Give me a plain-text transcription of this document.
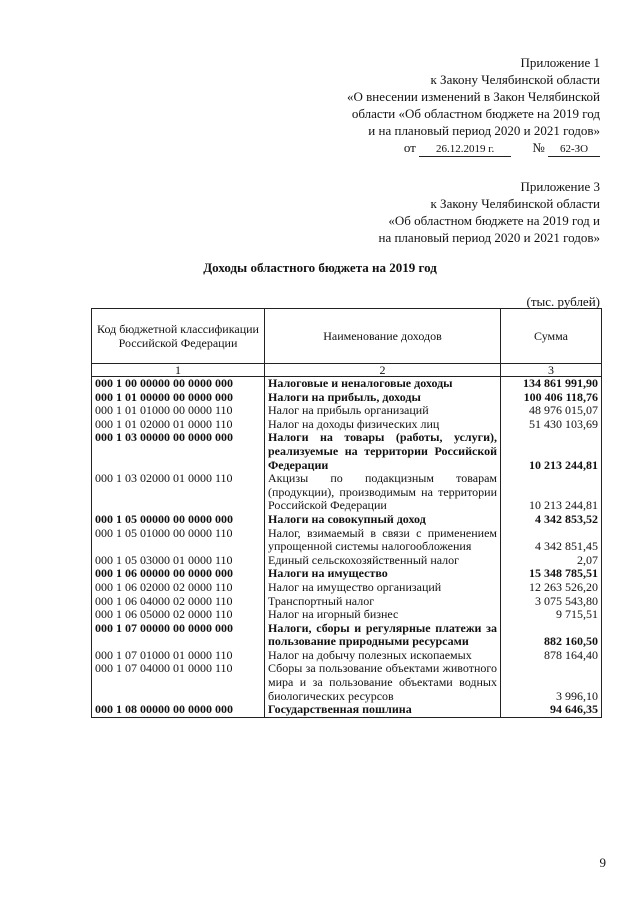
Приложение 1
к Закону Челябинской области
«О внесении изменений в Закон Челябинской
области «Об областном бюджете на 2019 год
и на плановый период 2020 и 2021 годов»
от 26.12.2019 г.	№ 62-ЗО
Приложение 3
к Закону Челябинской области
«Об областном бюджете на 2019 год и
на плановый период 2020 и 2021 годов»
Доходы областного бюджета на 2019 год
(тыс. рублей)
Код бюджетной классификации Российской Федерации	Наименование доходов	Сумма
1	2	3
000 1 00 00000 00 0000 000	Налоговые и неналоговые доходы	134 861 991,90
000 1 01 00000 00 0000 000	Налоги на прибыль, доходы	100 406 118,76
000 1 01 01000 00 0000 110	Налог на прибыль организаций	48 976 015,07
000 1 01 02000 01 0000 110	Налог на доходы физических лиц	51 430 103,69
000 1 03 00000 00 0000 000	Налоги на товары (работы, услуги), реализуемые на территории Российской Федерации	10 213 244,81
000 1 03 02000 01 0000 110	Акцизы по подакцизным товарам (продукции), производимым на территории Российской Федерации	10 213 244,81
000 1 05 00000 00 0000 000	Налоги на совокупный доход	4 342 853,52
000 1 05 01000 00 0000 110	Налог, взимаемый в связи с применением упрощенной системы налогообложения	4 342 851,45
000 1 05 03000 01 0000 110	Единый сельскохозяйственный налог	2,07
000 1 06 00000 00 0000 000	Налоги на имущество	15 348 785,51
000 1 06 02000 02 0000 110	Налог на имущество организаций	12 263 526,20
000 1 06 04000 02 0000 110	Транспортный налог	3 075 543,80
000 1 06 05000 02 0000 110	Налог на игорный бизнес	9 715,51
000 1 07 00000 00 0000 000	Налоги, сборы и регулярные платежи за пользование природными ресурсами	882 160,50
000 1 07 01000 01 0000 110	Налог на добычу полезных ископаемых	878 164,40
000 1 07 04000 01 0000 110	Сборы за пользование объектами животного мира и за пользование объектами водных биологических ресурсов	3 996,10
000 1 08 00000 00 0000 000	Государственная пошлина	94 646,35
9
